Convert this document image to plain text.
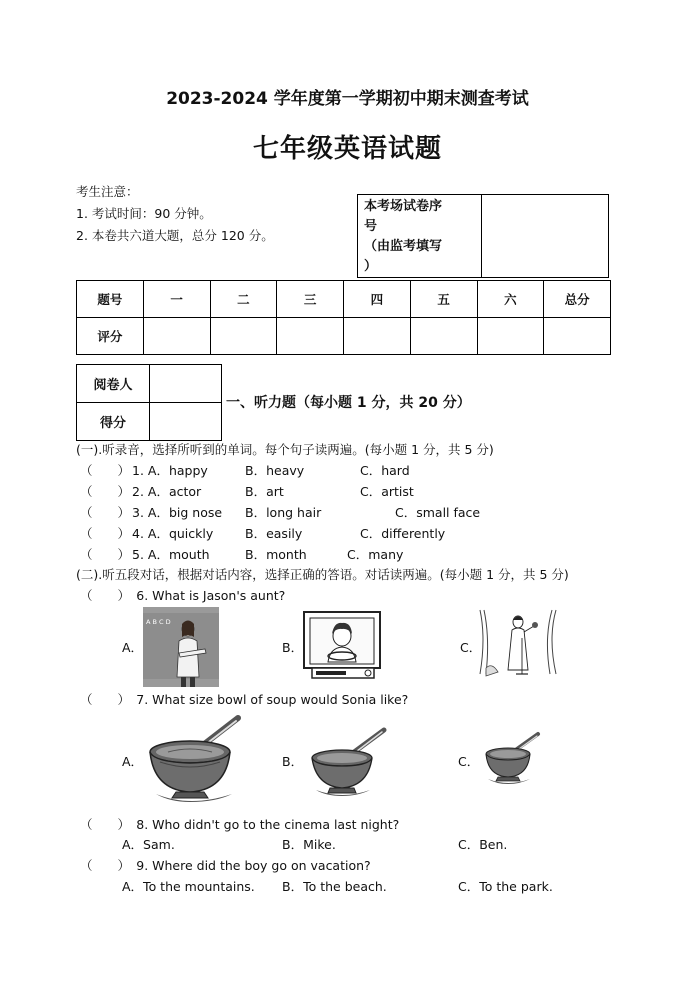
2023-2024 学年度第一学期初中期末测查考试
七年级英语试题
考生注意：
1. 考试时间：90 分钟。
2. 本卷共六道大题，总分 120 分。
本考场试卷序
号
（由监考填写
）
题号	一	二	三	四	五	六	总分
评分							
阅卷人	
得分	
一、听力题（每小题 1 分，共 20 分）
(一).听录音，选择所听到的单词。每个句子读两遍。(每小题 1 分，共 5 分)
（　　） 1. A．happy	B．heavy	C．hard
（　　） 2. A．actor	B．art	C．artist
（　　） 3. A．big nose B．long hair	C．small face
（　　） 4. A．quickly	B．easily	C．differently
（　　） 5. A．mouth	B．month	C．many
(二).听五段对话，根据对话内容，选择正确的答语。对话读两遍。(每小题 1 分，共 5 分)
（　　）　6. What is Jason's aunt?
A．
A B C D
B．	C．
（　　）　7. What size bowl of soup would Sonia like?
A．	B．	C．
（　　）　8. Who didn't go to the cinema last night?
A．Sam.	B．Mike.	C．Ben.
（　　）　9. Where did the boy go on vacation?
A．To the mountains. B．To the beach.	C．To the park.
